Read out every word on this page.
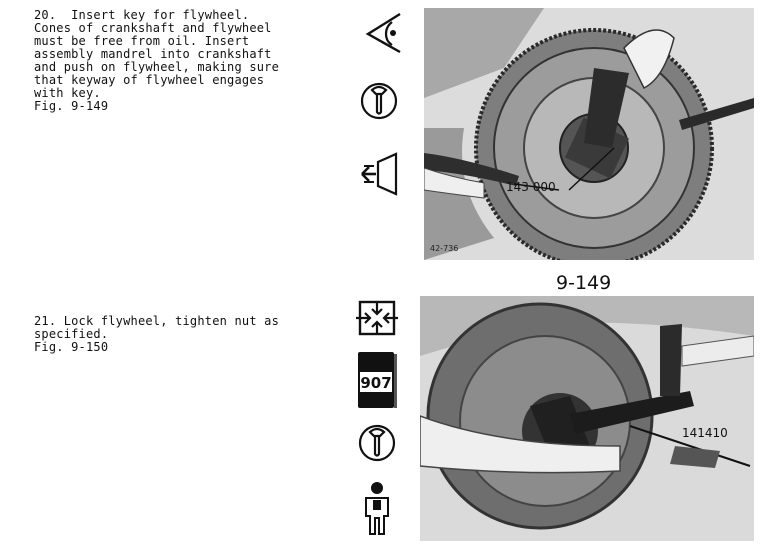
20.  Insert key for flywheel.
Cones of crankshaft and flywheel
must be free from oil. Insert
assembly mandrel into crankshaft
and push on flywheel, making sure
that keyway of flywheel engages
with key.
Fig. 9-149
143 000
42-736
9-149
21. Lock flywheel, tighten nut as
specified.
Fig. 9-150
907
141410
